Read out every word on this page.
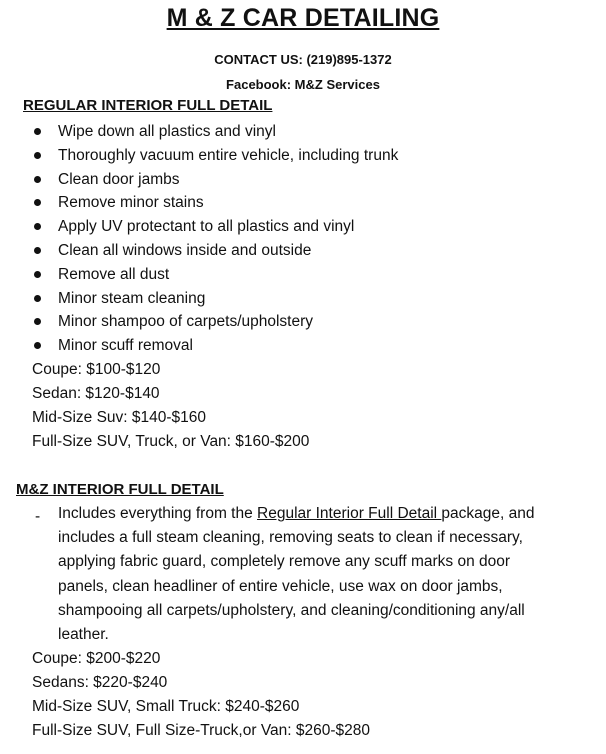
M & Z CAR DETAILING
CONTACT US: (219)895-1372
Facebook: M&Z Services
REGULAR INTERIOR FULL DETAIL
Wipe down all plastics and vinyl
Thoroughly vacuum entire vehicle, including trunk
Clean door jambs
Remove minor stains
Apply UV protectant to all plastics and vinyl
Clean all windows inside and outside
Remove all dust
Minor steam cleaning
Minor shampoo of carpets/upholstery
Minor scuff removal
Coupe: $100-$120
Sedan: $120-$140
Mid-Size Suv: $140-$160
Full-Size SUV, Truck, or Van: $160-$200
M&Z INTERIOR FULL DETAIL
- Includes everything from the Regular Interior Full Detail package, and
includes a full steam cleaning, removing seats to clean if necessary,
applying fabric guard, completely remove any scuff marks on door
panels, clean headliner of entire vehicle, use wax on door jambs,
shampooing all carpets/upholstery, and cleaning/conditioning any/all
leather.
Coupe: $200-$220
Sedans: $220-$240
Mid-Size SUV, Small Truck: $240-$260
Full-Size SUV, Full Size-Truck,or Van: $260-$280
